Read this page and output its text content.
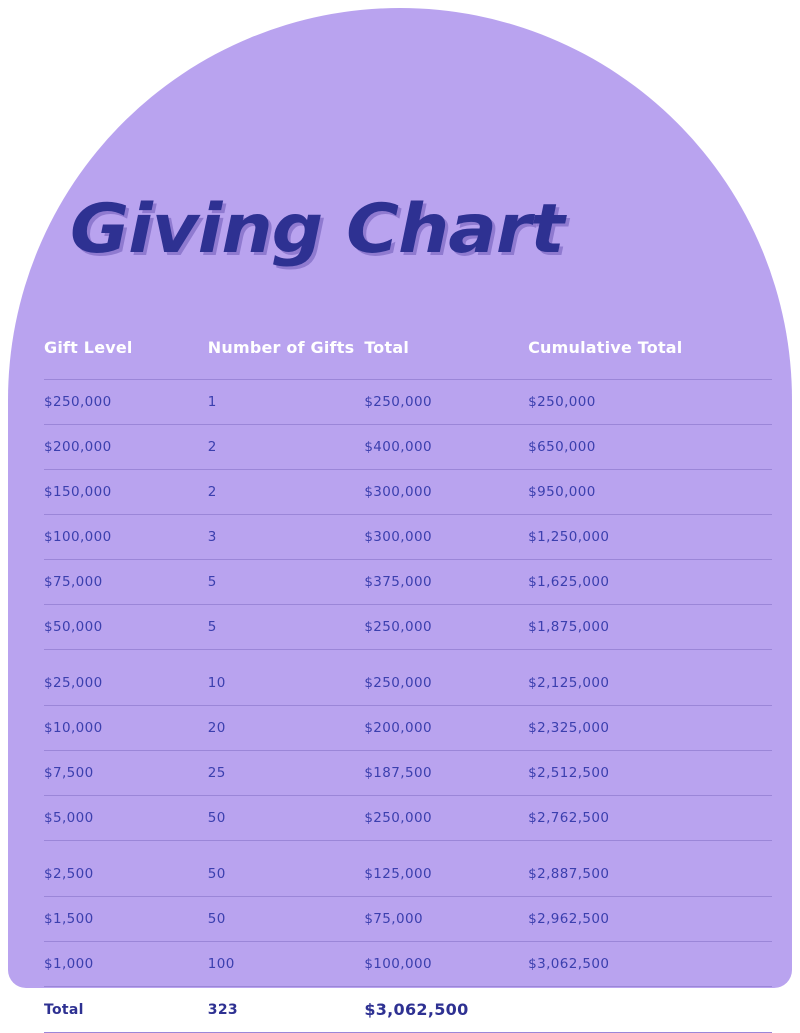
Giving Chart
Gift Level	Number of Gifts	Total	Cumulative Total
$250,000	1	$250,000	$250,000
$200,000	2	$400,000	$650,000
$150,000	2	$300,000	$950,000
$100,000	3	$300,000	$1,250,000
$75,000	5	$375,000	$1,625,000
$50,000	5	$250,000	$1,875,000
$25,000	10	$250,000	$2,125,000
$10,000	20	$200,000	$2,325,000
$7,500	25	$187,500	$2,512,500
$5,000	50	$250,000	$2,762,500
$2,500	50	$125,000	$2,887,500
$1,500	50	$75,000	$2,962,500
$1,000	100	$100,000	$3,062,500
Total	323	$3,062,500	
